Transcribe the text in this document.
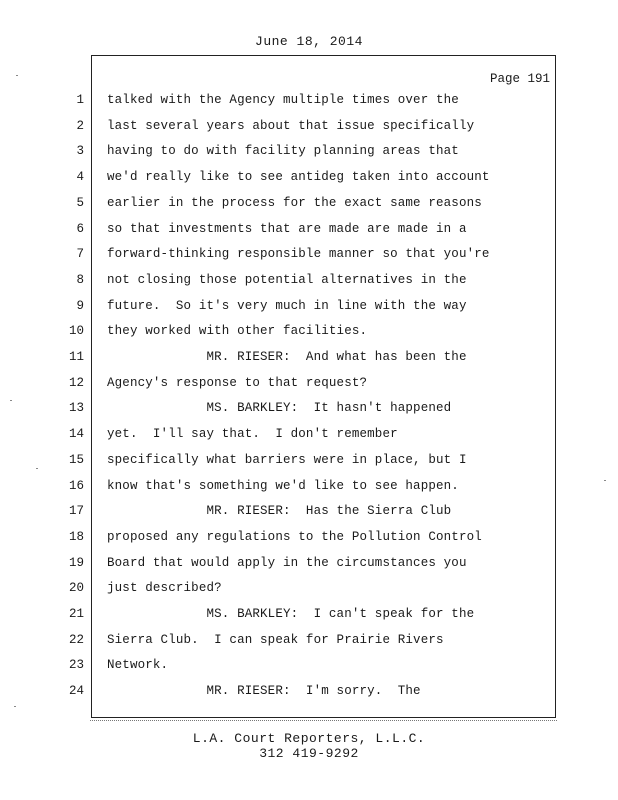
June 18, 2014
Page 191
1 talked with the Agency multiple times over the
2 last several years about that issue specifically
3 having to do with facility planning areas that
4 we'd really like to see antideg taken into account
5 earlier in the process for the exact same reasons
6 so that investments that are made are made in a
7 forward-thinking responsible manner so that you're
8 not closing those potential alternatives in the
9 future.  So it's very much in line with the way
10 they worked with other facilities.
11 MR. RIESER:  And what has been the
12 Agency's response to that request?
13 MS. BARKLEY:  It hasn't happened
14 yet.  I'll say that.  I don't remember
15 specifically what barriers were in place, but I
16 know that's something we'd like to see happen.
17 MR. RIESER:  Has the Sierra Club
18 proposed any regulations to the Pollution Control
19 Board that would apply in the circumstances you
20 just described?
21 MS. BARKLEY:  I can't speak for the
22 Sierra Club.  I can speak for Prairie Rivers
23 Network.
24 MR. RIESER:  I'm sorry.  The
L.A. Court Reporters, L.L.C.
312 419-9292
